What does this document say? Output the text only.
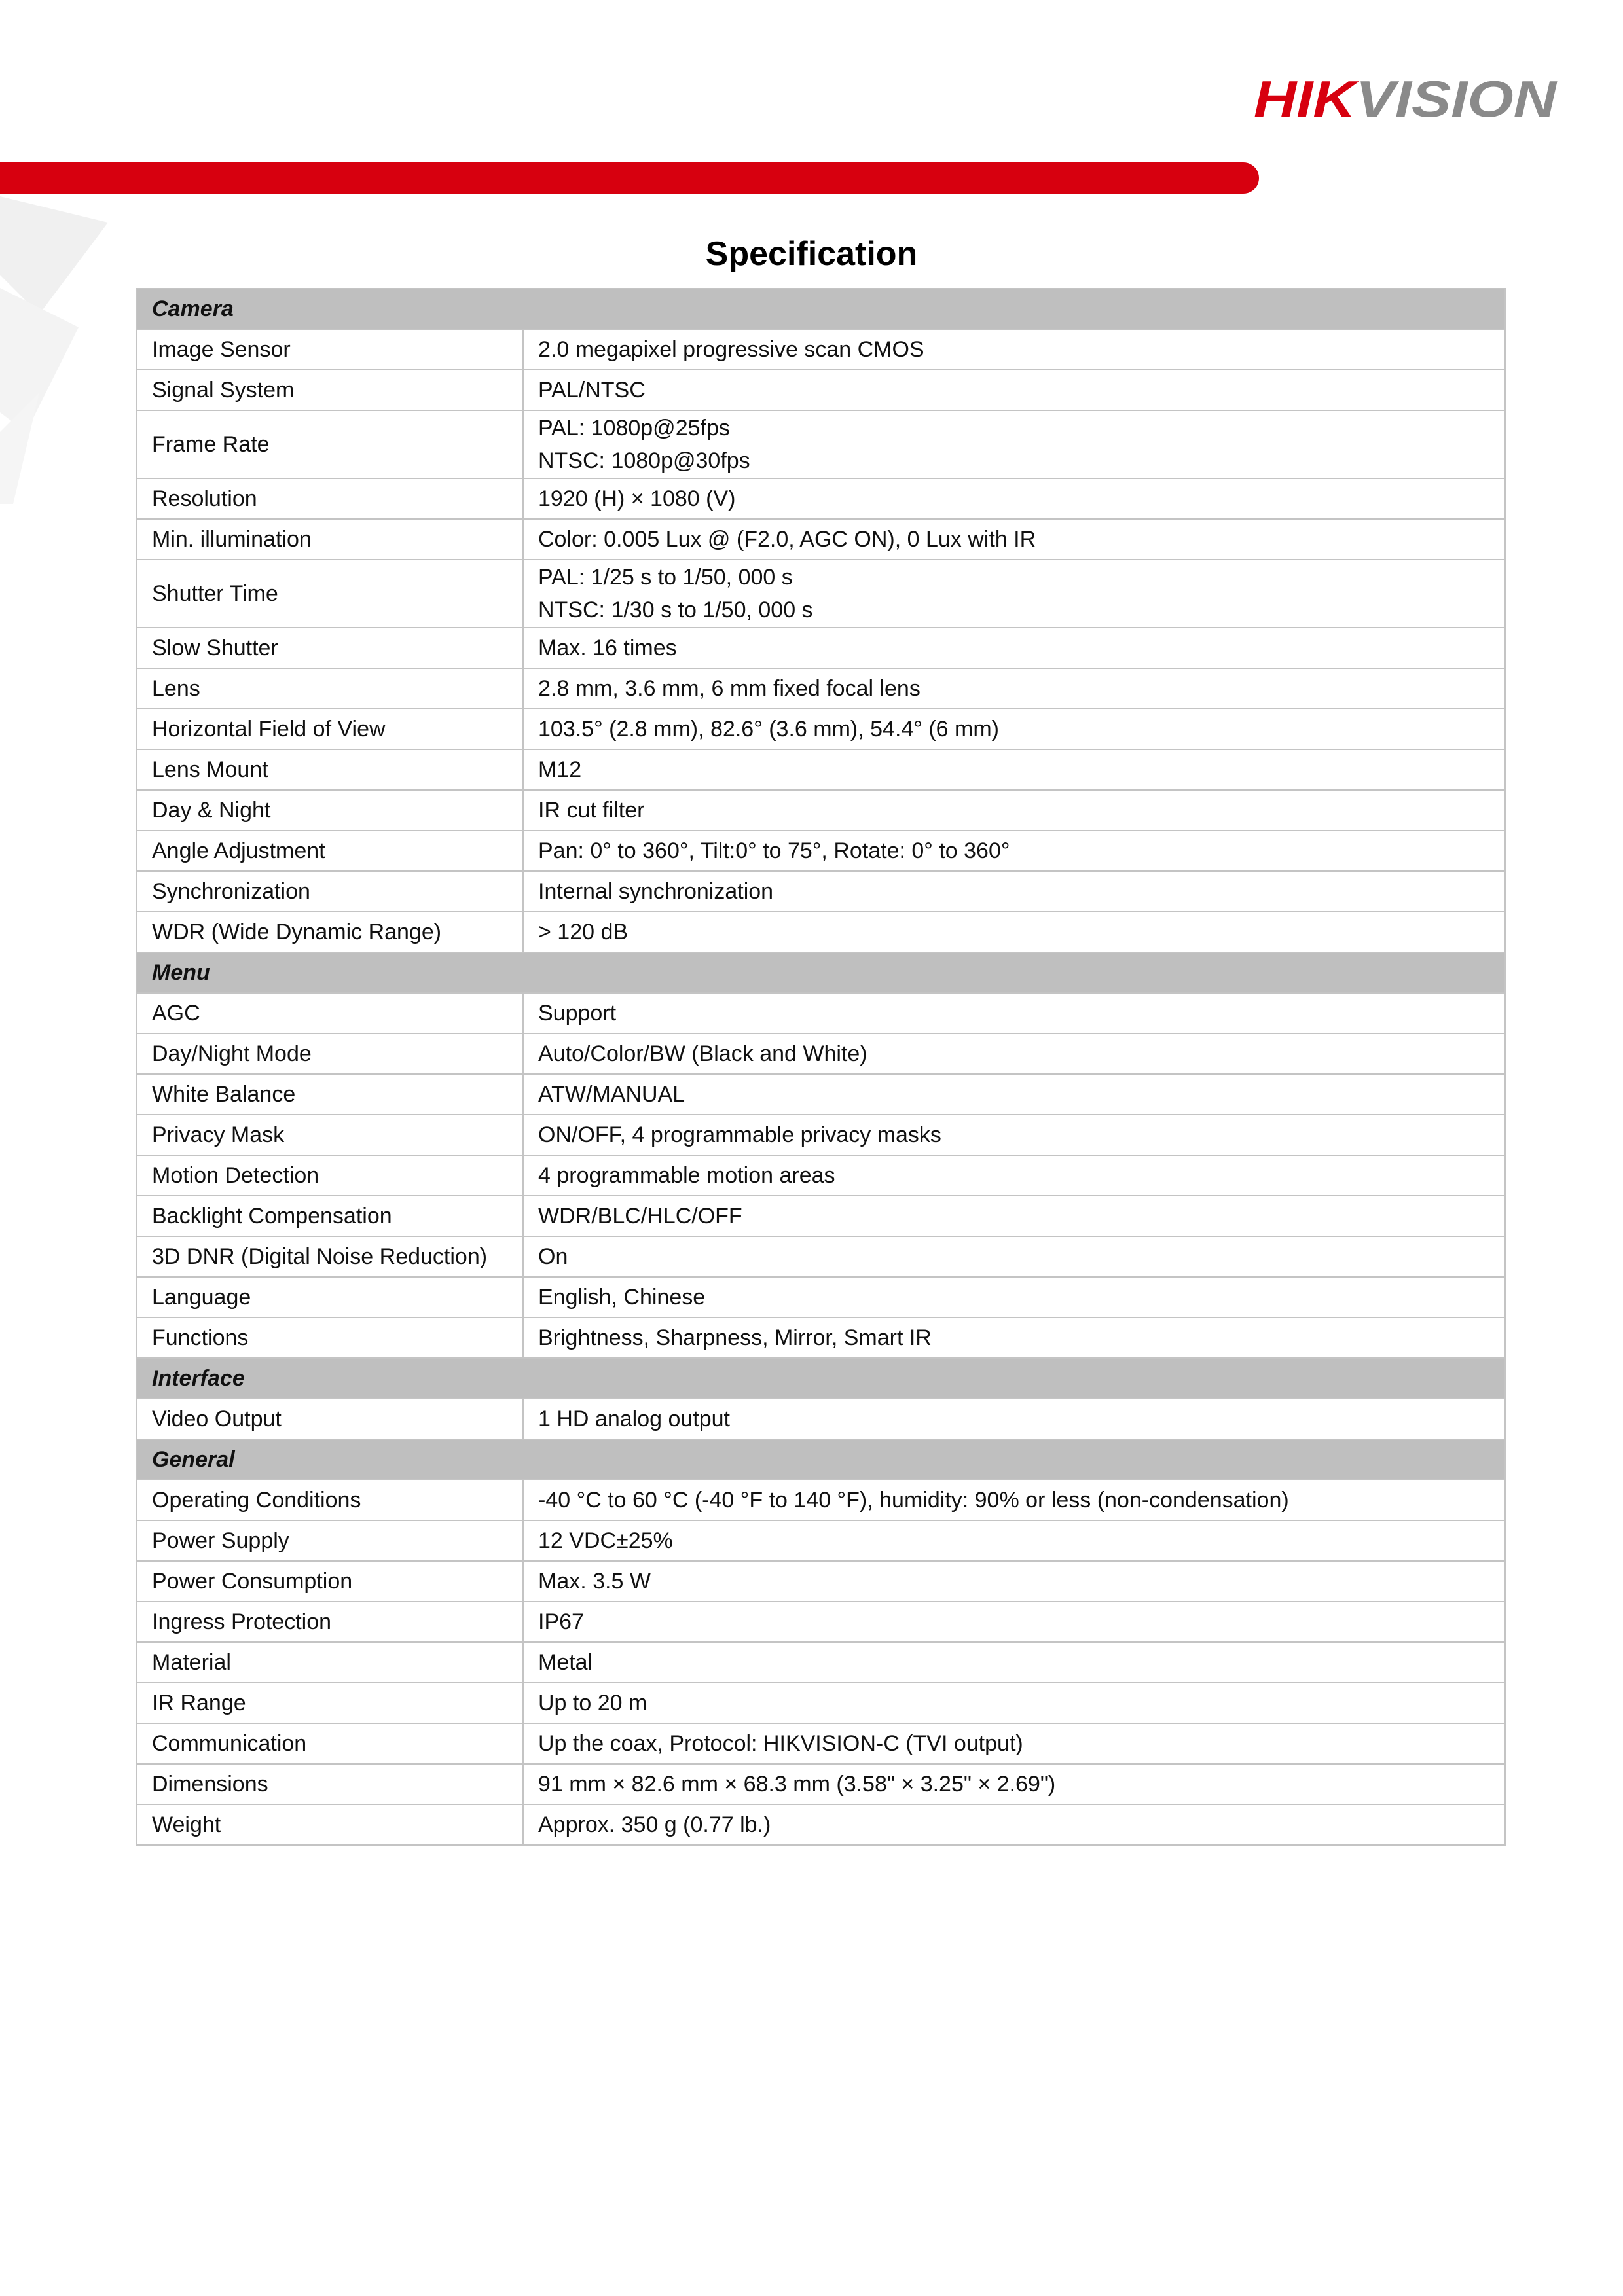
HIK VISION
Specification
Camera	
Image Sensor	2.0 megapixel progressive scan CMOS

Signal System	PAL/NTSC

Frame Rate	PAL: 1080p@25fps
NTSC: 1080p@30fps

Resolution	1920 (H) × 1080 (V)

Min. illumination	Color: 0.005 Lux @ (F2.0, AGC ON), 0 Lux with IR

Shutter Time	PAL: 1/25 s to 1/50, 000 s
NTSC: 1/30 s to 1/50, 000 s

Slow Shutter	Max. 16 times

Lens	2.8 mm, 3.6 mm, 6 mm fixed focal lens

Horizontal Field of View	103.5° (2.8 mm), 82.6° (3.6 mm), 54.4° (6 mm)

Lens Mount	M12

Day & Night	IR cut filter

Angle Adjustment	Pan: 0° to 360°, Tilt:0° to 75°, Rotate: 0° to 360°

Synchronization	Internal synchronization

WDR (Wide Dynamic Range)	> 120 dB

Menu	
AGC	Support

Day/Night Mode	Auto/Color/BW (Black and White)

White Balance	ATW/MANUAL

Privacy Mask	ON/OFF, 4 programmable privacy masks

Motion Detection	4 programmable motion areas

Backlight Compensation	WDR/BLC/HLC/OFF

3D DNR (Digital Noise Reduction)	On

Language	English, Chinese

Functions	Brightness, Sharpness, Mirror, Smart IR

Interface	
Video Output	1 HD analog output

General	
Operating Conditions	-40 °C to 60 °C (-40 °F to 140 °F), humidity: 90% or less (non-condensation)

Power Supply	12 VDC±25%

Power Consumption	Max. 3.5 W

Ingress Protection	IP67

Material	Metal

IR Range	Up to 20 m

Communication	Up the coax, Protocol: HIKVISION-C (TVI output)

Dimensions	91 mm × 82.6 mm × 68.3 mm (3.58" × 3.25" × 2.69")

Weight	Approx. 350 g (0.77 lb.)
